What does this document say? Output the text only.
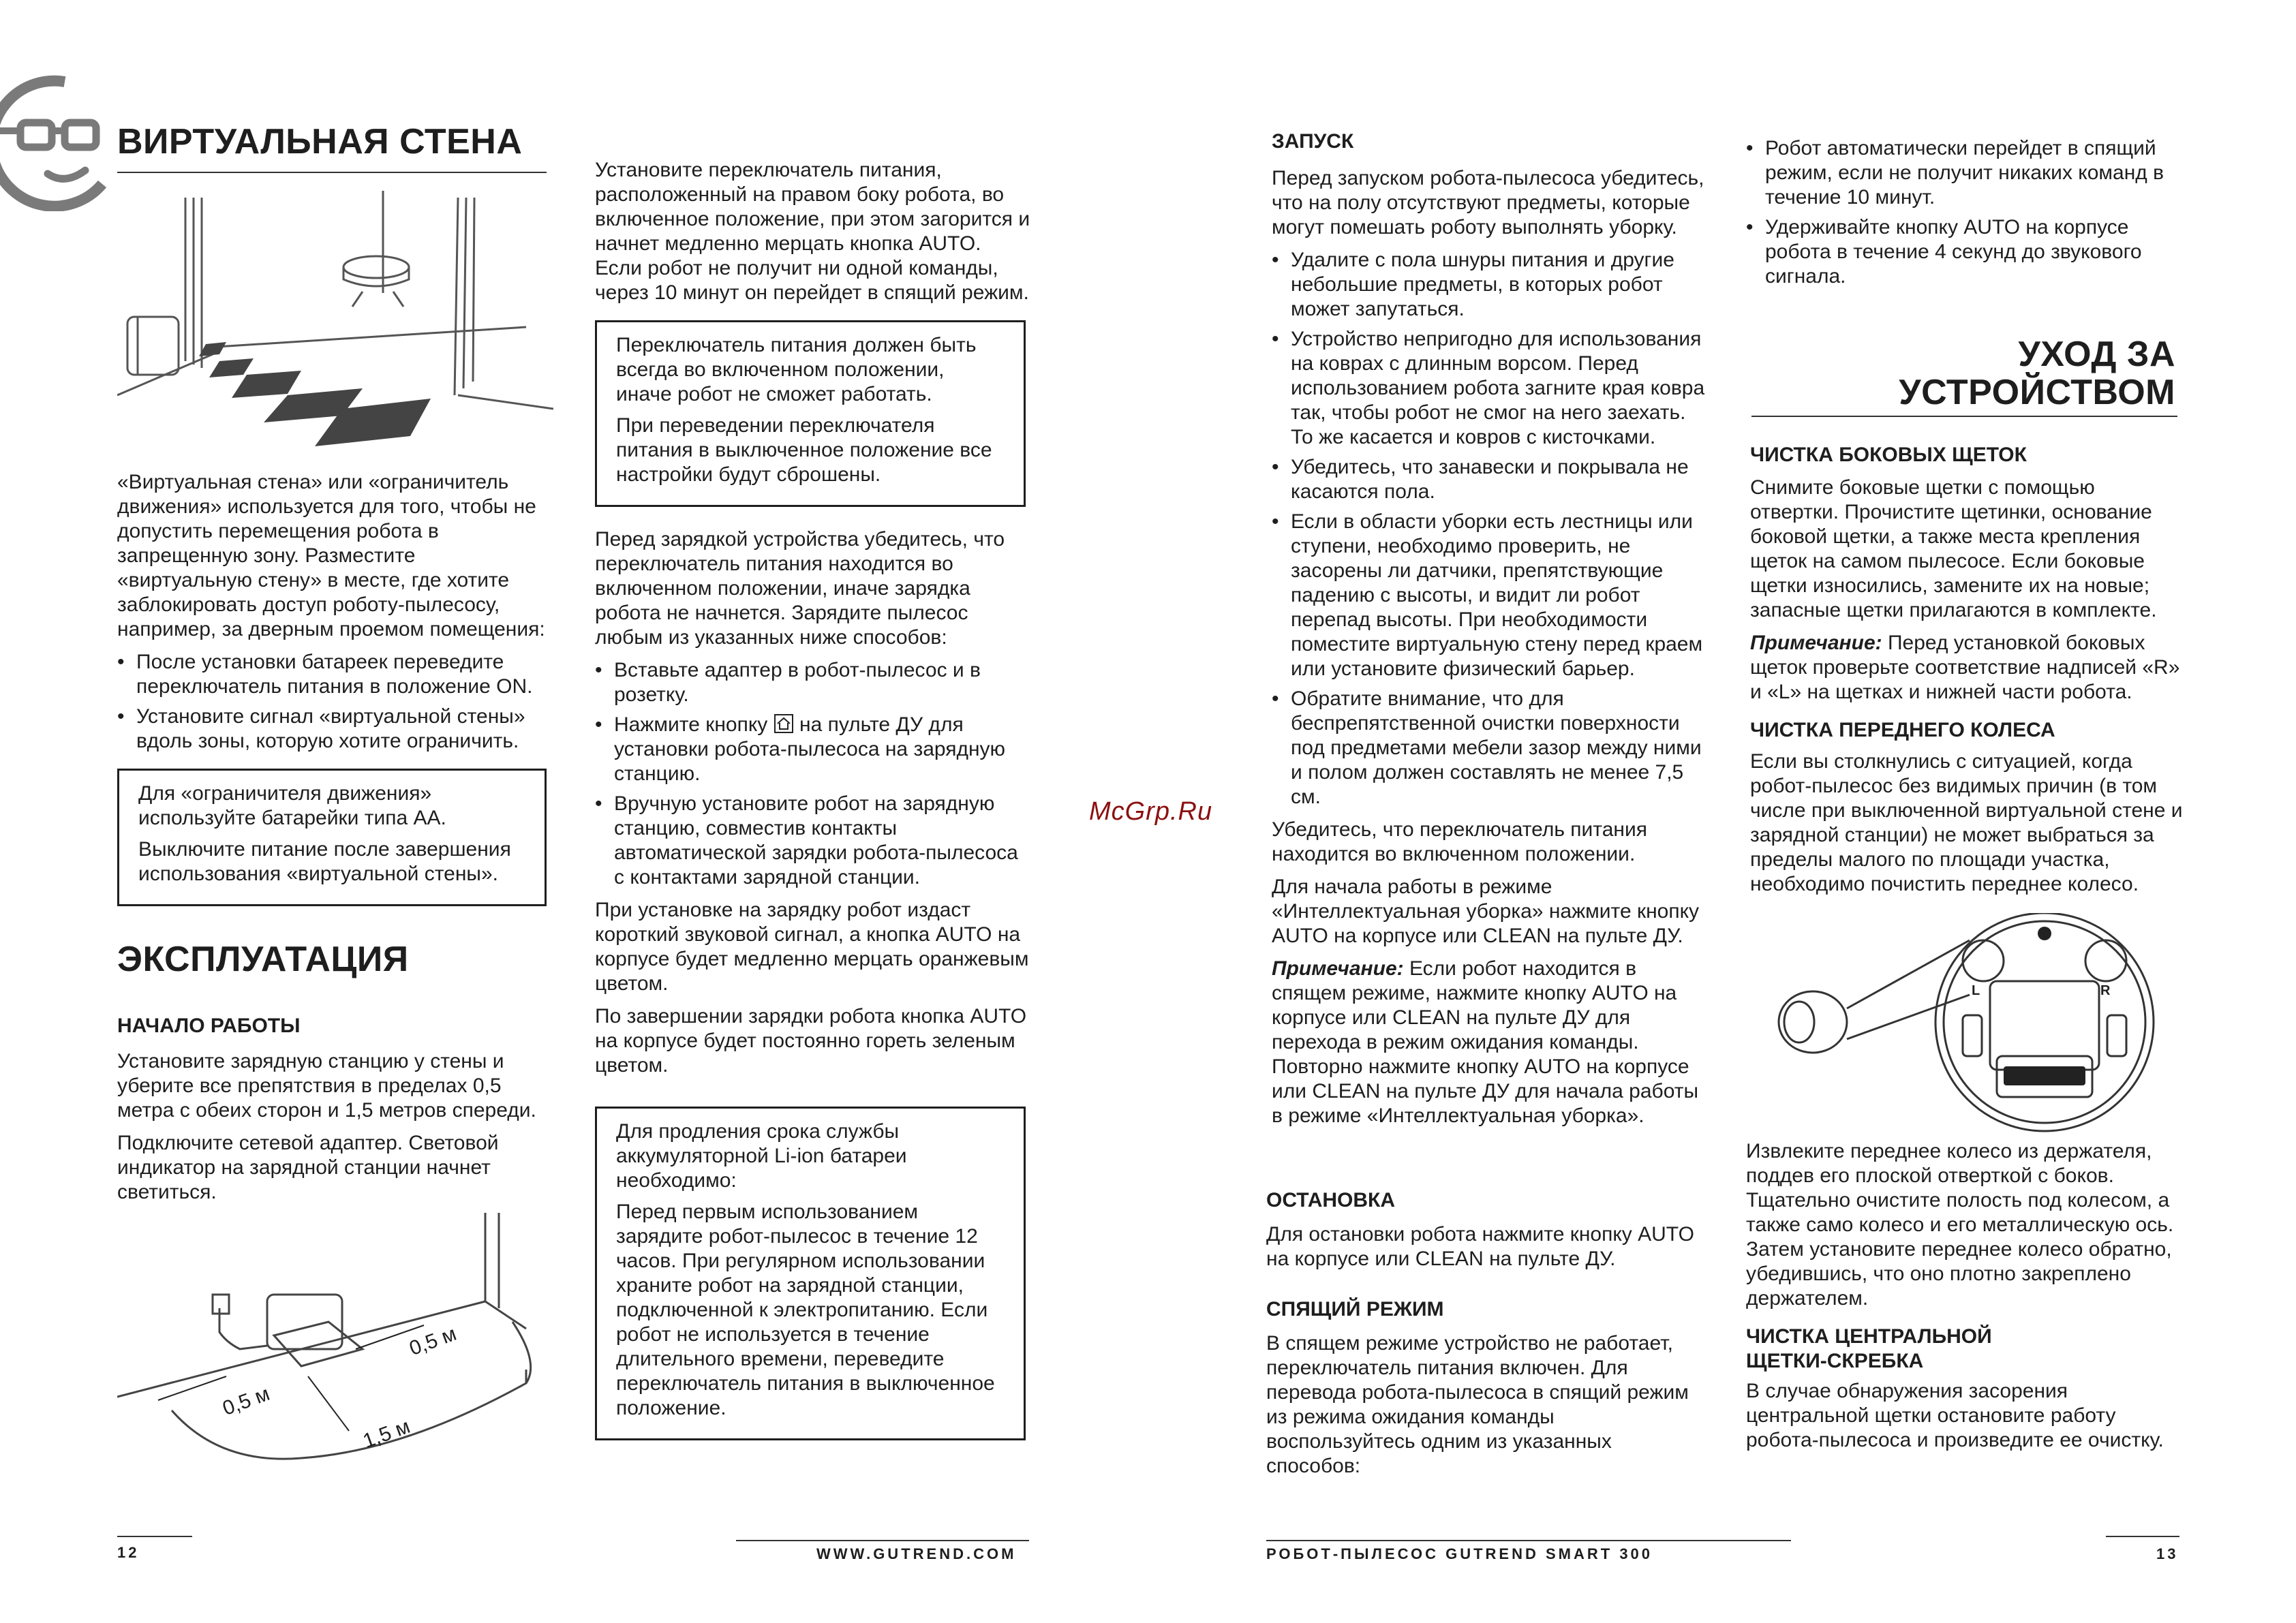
ВИРТУАЛЬНАЯ СТЕНА

«Виртуальная стена» или «ограничитель движения» используется для того, чтобы не допустить перемещения робота в запрещенную зону. Разместите «виртуальную стену» в месте, где хотите заблокировать доступ роботу-пылесосу, например, за дверным проемом помещения:

• После установки батареек переведите переключатель питания в положение ON.
• Установите сигнал «виртуальной стены» вдоль зоны, которую хотите ограничить.

Для «ограничителя движения» используйте батарейки типа АА.

Выключите питание после завершения использования «виртуальной стены».

ЭКСПЛУАТАЦИЯ
НАЧАЛО РАБОТЫ

Установите зарядную станцию у стены и уберите все препятствия в пределах 0,5 метра с обеих сторон и 1,5 метров спереди.

Подключите сетевой адаптер. Световой индикатор на зарядной станции начнет светиться.

0,5 м
0,5 м
1,5 м

Установите переключатель питания, расположенный на правом боку робота, во включенное положение, при этом загорится и начнет медленно мерцать кнопка AUTO. Если робот не получит ни одной команды, через 10 минут он перейдет в спящий режим.

Переключатель питания должен быть всегда во включенном положении, иначе робот не сможет работать.

При переведении переключателя питания в выключенное положение все настройки будут сброшены.

Перед зарядкой устройства убедитесь, что переключатель питания находится во включенном положении, иначе зарядка робота не начнется. Зарядите пылесос любым из указанных ниже способов:

• Вставьте адаптер в робот-пылесос и в розетку.
• Нажмите кнопку на пульте ДУ для установки робота-пылесоса на зарядную станцию.
• Вручную установите робот на зарядную станцию, совместив контакты автоматической зарядки робота-пылесоса с контактами зарядной станции.

При установке на зарядку робот издаст короткий звуковой сигнал, а кнопка AUTO на корпусе будет медленно мерцать оранжевым цветом.

По завершении зарядки робота кнопка AUTO на корпусе будет постоянно гореть зеленым цветом.

Для продления срока службы аккумуляторной Li-ion батареи необходимо:

Перед первым использованием зарядите робот-пылесос в течение 12 часов. При регулярном использовании храните робот на зарядной станции, подключенной к электропитанию. Если робот не используется в течение длительного времени, переведите переключатель питания в выключенное положение.

12	WWW.GUTREND.COM
McGrp.Ru
ЗАПУСК

Перед запуском робота-пылесоса убедитесь, что на полу отсутствуют предметы, которые могут помешать роботу выполнять уборку.

• Удалите с пола шнуры питания и другие небольшие предметы, в которых робот может запутаться.
• Устройство непригодно для использования на коврах с длинным ворсом. Перед использованием робота загните края ковра так, чтобы робот не смог на него заехать. То же касается и ковров с кисточками.
• Убедитесь, что занавески и покрывала не касаются пола.
• Если в области уборки есть лестницы или ступени, необходимо проверить, не засорены ли датчики, препятствующие падению с высоты, и видит ли робот перепад высоты. При необходимости поместите виртуальную стену перед краем или установите физический барьер.
• Обратите внимание, что для беспрепятственной очистки поверхности под предметами мебели зазор между ними и полом должен составлять не менее 7,5 см.

Убедитесь, что переключатель питания находится во включенном положении.

Для начала работы в режиме «Интеллектуальная уборка» нажмите кнопку AUTO на корпусе или CLEAN на пульте ДУ.

Примечание: Если робот находится в спящем режиме, нажмите кнопку AUTO на корпусе или CLEAN на пульте ДУ для перехода в режим ожидания команды. Повторно нажмите кнопку AUTO на корпусе или CLEAN на пульте ДУ для начала работы в режиме «Интеллектуальная уборка».

ОСТАНОВКА
Для остановки робота нажмите кнопку AUTO на корпусе или CLEAN на пульте ДУ.
СПЯЩИЙ РЕЖИМ
В спящем режиме устройство не работает, переключатель питания включен. Для перевода робота-пылесоса в спящий режим из режима ожидания команды воспользуйтесь одним из указанных способов:
• Робот автоматически перейдет в спящий режим, если не получит никаких команд в течение 10 минут.
• Удерживайте кнопку AUTO на корпусе робота в течение 4 секунд до звукового сигнала.
УХОД ЗА
УСТРОЙСТВОМ
ЧИСТКА БОКОВЫХ ЩЕТОК

Снимите боковые щетки с помощью отвертки. Прочистите щетинки, основание боковой щетки, а также места крепления щеток на самом пылесосе. Если боковые щетки износились, замените их на новые; запасные щетки прилагаются в комплекте.

Примечание: Перед установкой боковых щеток проверьте соответствие надписей «R» и «L» на щетках и нижней части робота.

ЧИСТКА ПЕРЕДНЕГО КОЛЕСА

Если вы столкнулись с ситуацией, когда робот-пылесос без видимых причин (в том числе при выключенной виртуальной стене и зарядной станции) не может выбраться за пределы малого по площади участка, необходимо почистить переднее колесо.

L	R

Извлеките переднее колесо из держателя, поддев его плоской отверткой с боков. Тщательно очистите полость под колесом, а также само колесо и его металлическую ось. Затем установите переднее колесо обратно, убедившись, что оно плотно закреплено держателем.

ЧИСТКА ЦЕНТРАЛЬНОЙ
ЩЕТКИ-СКРЕБКА

В случае обнаружения засорения центральной щетки остановите работу робота-пылесоса и произведите ее очистку.

РОБОТ-ПЫЛЕСОС GUTREND SMART 300	13
